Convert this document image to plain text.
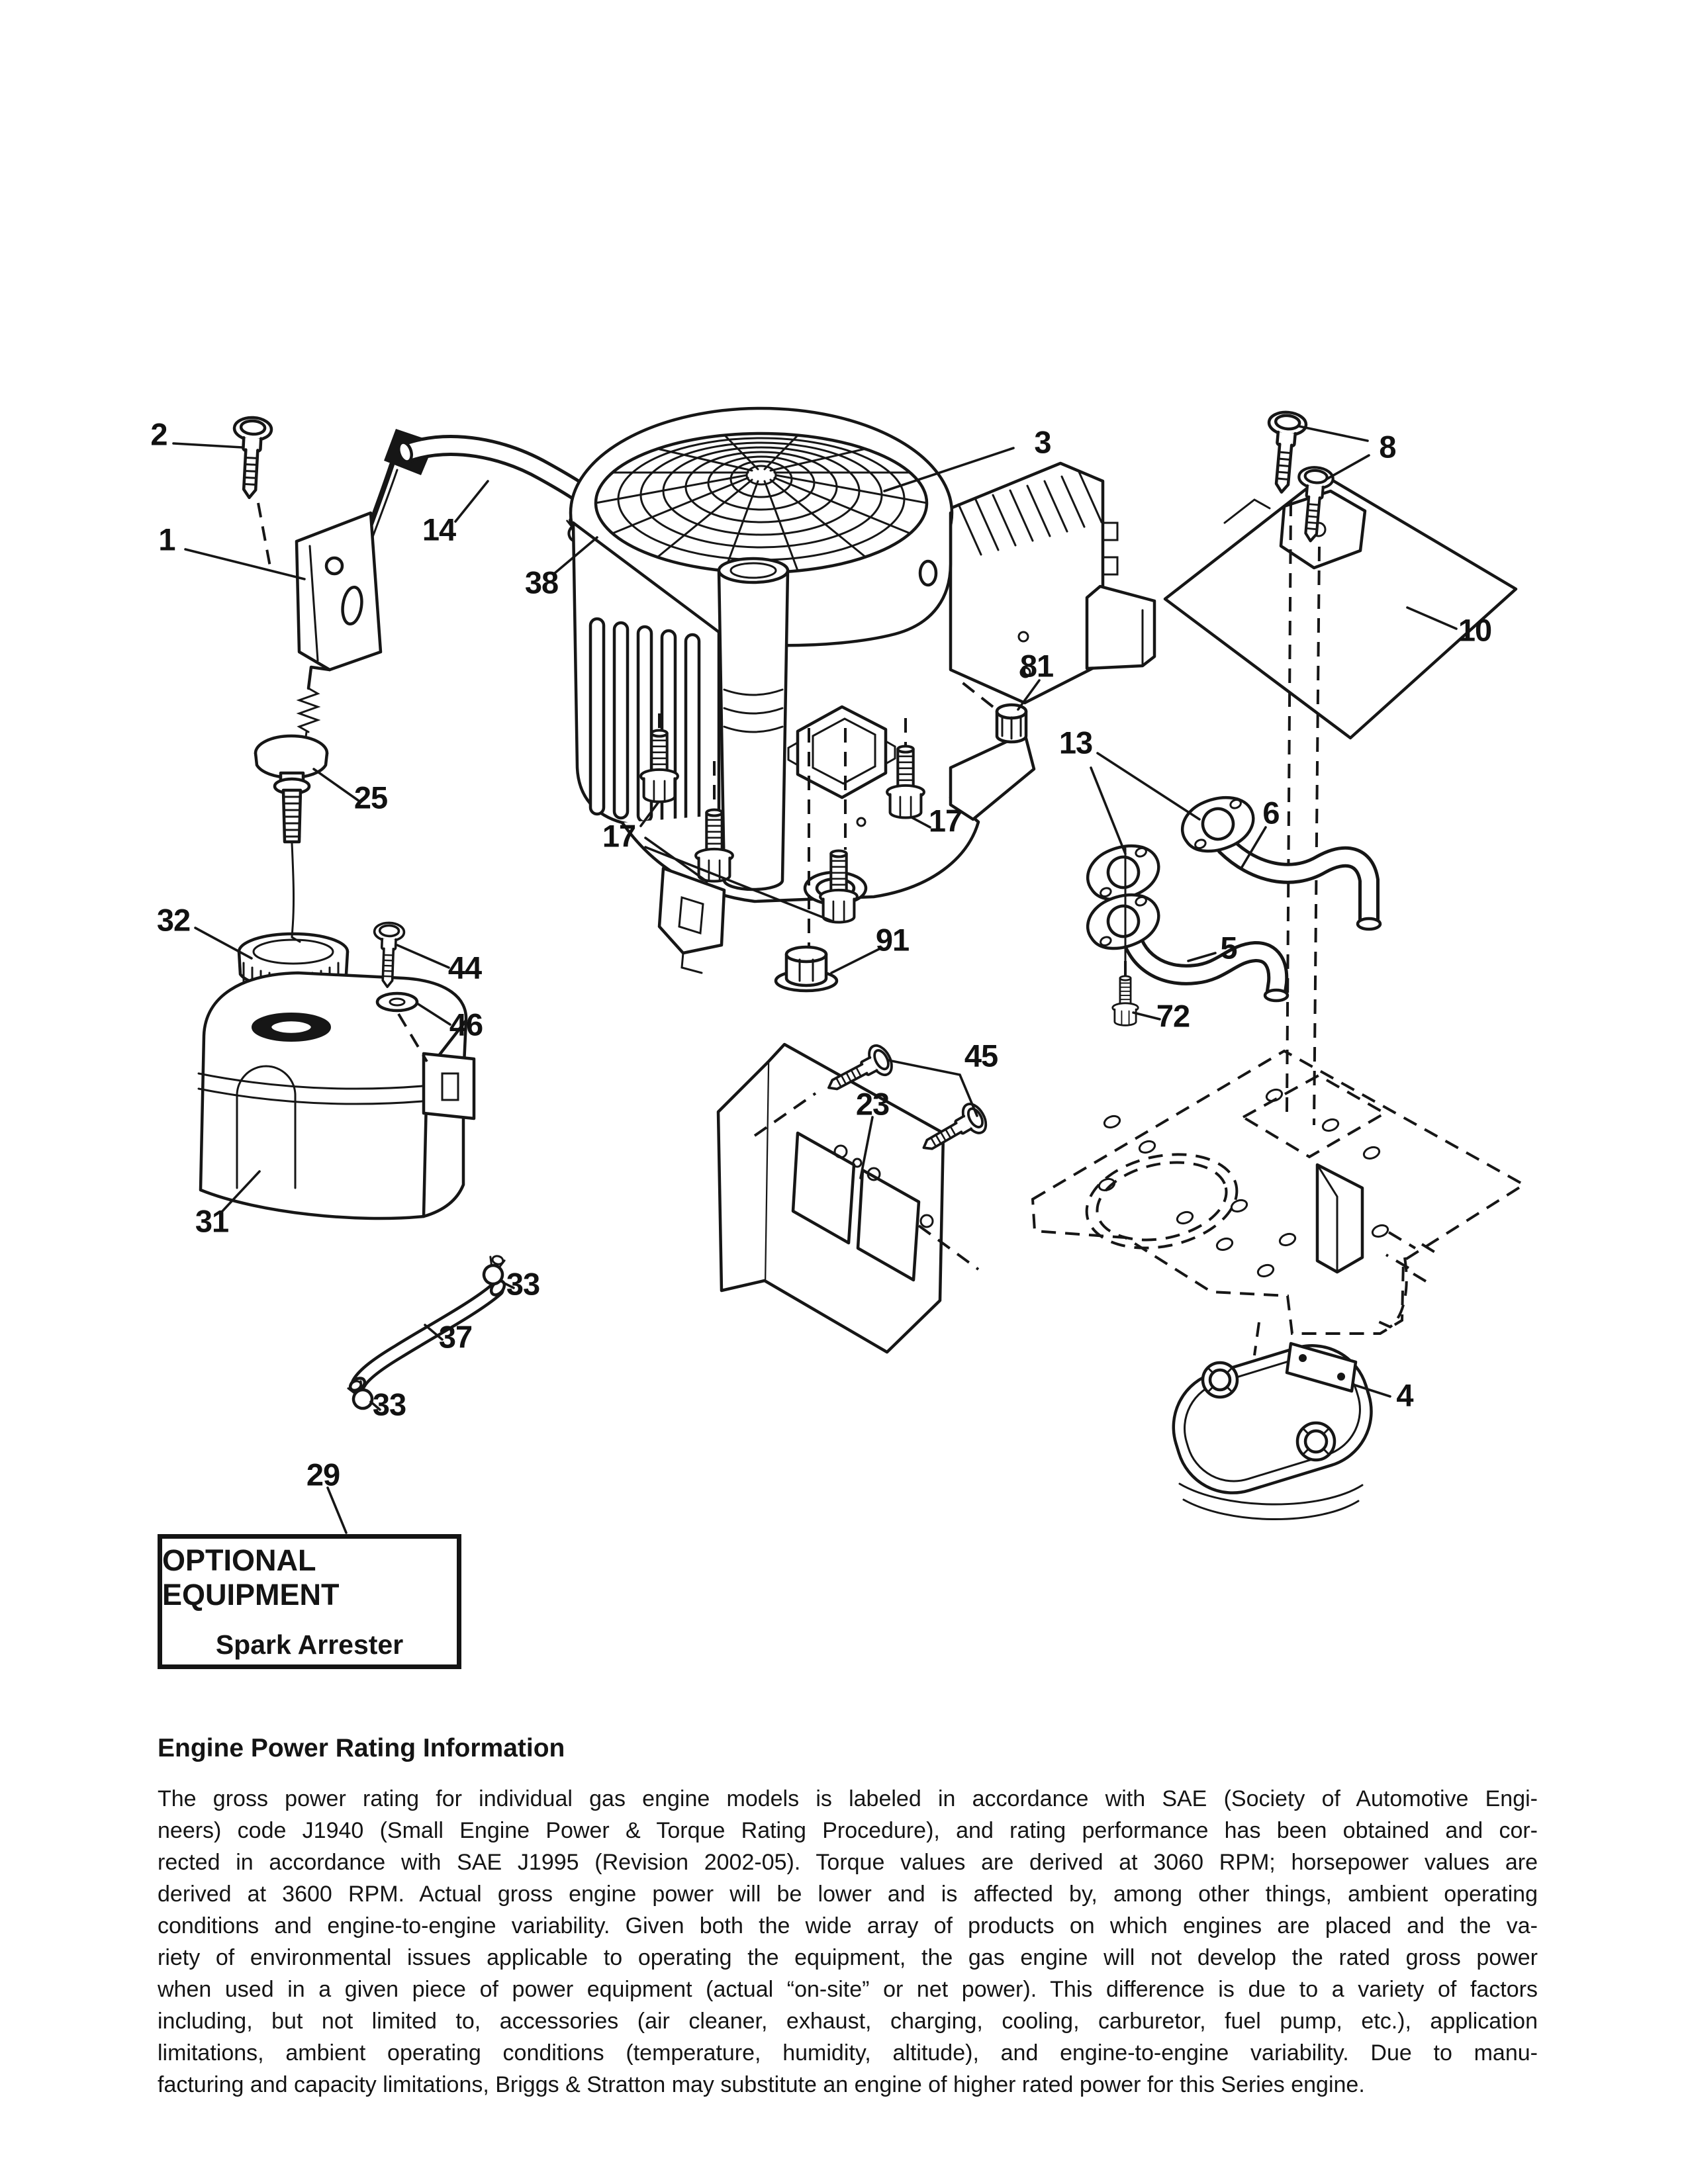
2
1	14
38
3	8
10
81
13
6
17	17
25
91	5
72
32
44
46
45
23
31
33
37
33
29
4
OPTIONAL EQUIPMENT
Spark Arrester
Engine Power Rating Information
The gross power rating for individual gas engine models is labeled in accordance with SAE (Society of Automotive Engi-
neers) code J1940 (Small Engine Power & Torque Rating Procedure), and rating performance has been obtained and cor-
rected in accordance with SAE J1995 (Revision 2002-05). Torque values are derived at 3060 RPM; horsepower values are
derived at 3600 RPM. Actual gross engine power will be lower and is affected by, among other things, ambient operating
conditions and engine-to-engine variability. Given both the wide array of products on which engines are placed and the va-
riety of environmental issues applicable to operating the equipment, the gas engine will not develop the rated gross power
when used in a given piece of power equipment (actual “on-site” or net power). This difference is due to a variety of factors
including, but not limited to, accessories (air cleaner, exhaust, charging, cooling, carburetor, fuel pump, etc.), application
limitations, ambient operating conditions (temperature, humidity, altitude), and engine-to-engine variability. Due to manu-
facturing and capacity limitations, Briggs & Stratton may substitute an engine of higher rated power for this Series engine.
